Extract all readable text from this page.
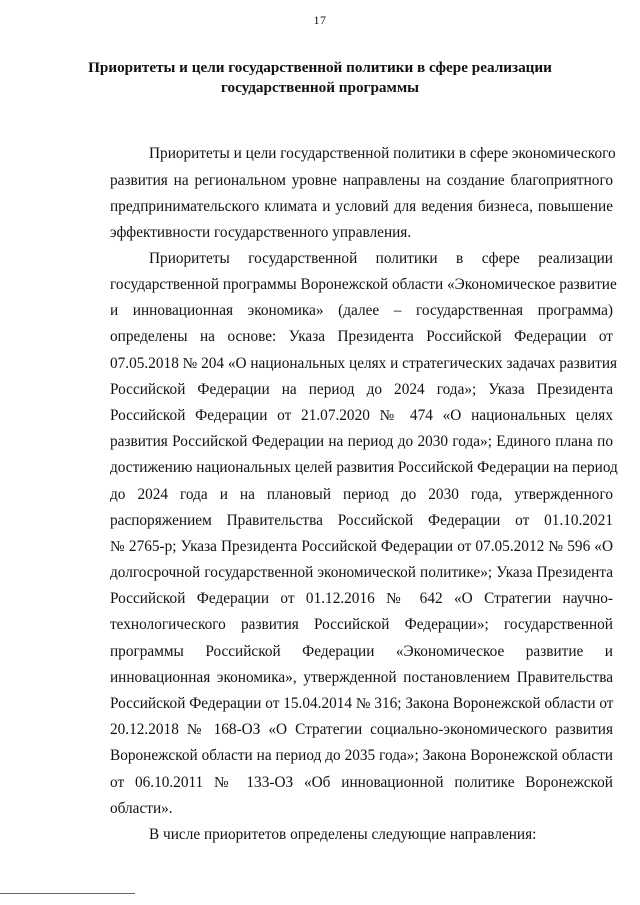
17
Приоритеты и цели государственной политики в сфере реализации государственной программы
Приоритеты и цели государственной политики в сфере экономического
развития на региональном уровне направлены на создание благоприятного
предпринимательского климата и условий для ведения бизнеса, повышение
эффективности государственного управления.
Приоритеты государственной политики в сфере реализации
государственной программы Воронежской области «Экономическое развитие
и инновационная экономика» (далее – государственная программа)
определены на основе: Указа Президента Российской Федерации от
07.05.2018 № 204 «О национальных целях и стратегических задачах развития
Российской Федерации на период до 2024 года»; Указа Президента
Российской Федерации от 21.07.2020 № 474 «О национальных целях
развития Российской Федерации на период до 2030 года»; Единого плана по
достижению национальных целей развития Российской Федерации на период
до 2024 года и на плановый период до 2030 года, утвержденного
распоряжением Правительства Российской Федерации от 01.10.2021
№ 2765-р; Указа Президента Российской Федерации от 07.05.2012 № 596 «О
долгосрочной государственной экономической политике»; Указа Президента
Российской Федерации от 01.12.2016 № 642 «О Стратегии научно-
технологического развития Российской Федерации»; государственной
программы Российской Федерации «Экономическое развитие и
инновационная экономика», утвержденной постановлением Правительства
Российской Федерации от 15.04.2014 № 316; Закона Воронежской области от
20.12.2018 № 168-ОЗ «О Стратегии социально-экономического развития
Воронежской области на период до 2035 года»; Закона Воронежской области
от 06.10.2011 № 133-ОЗ «Об инновационной политике Воронежской
области».
В числе приоритетов определены следующие направления:
